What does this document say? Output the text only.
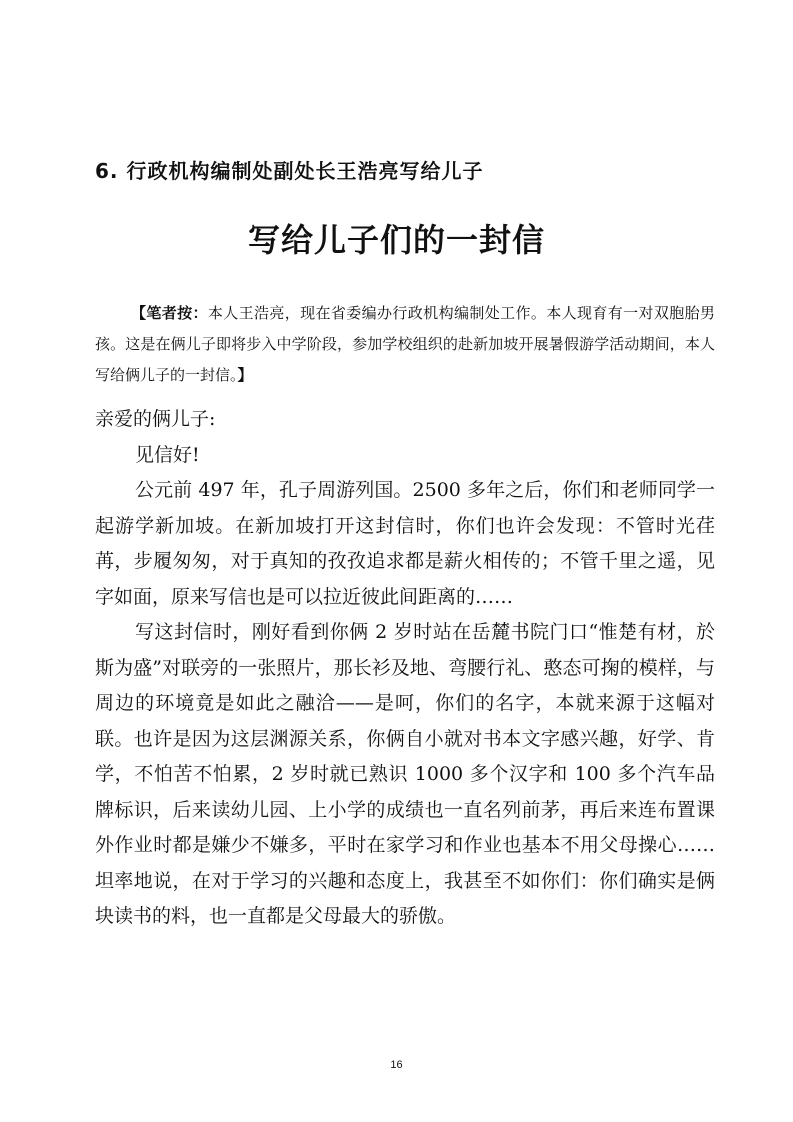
6. 行政机构编制处副处长王浩亮写给儿子
写给儿子们的一封信
【笔者按：本人王浩亮，现在省委编办行政机构编制处工作。本人现育有一对双胞胎男孩。这是在俩儿子即将步入中学阶段，参加学校组织的赴新加坡开展暑假游学活动期间，本人写给俩儿子的一封信。】

亲爱的俩儿子:

见信好!

公元前 497 年，孔子周游列国。2500 多年之后，你们和老师同学一起游学新加坡。在新加坡打开这封信时，你们也许会发现：不管时光荏苒，步履匆匆，对于真知的孜孜追求都是薪火相传的；不管千里之遥，见字如面，原来写信也是可以拉近彼此间距离的……

写这封信时，刚好看到你俩 2 岁时站在岳麓书院门口“惟楚有材，於斯为盛”对联旁的一张照片，那长衫及地、弯腰行礼、憨态可掬的模样，与周边的环境竟是如此之融洽——是呵，你们的名字，本就来源于这幅对联。也许是因为这层渊源关系，你俩自小就对书本文字感兴趣，好学、肯学，不怕苦不怕累，2 岁时就已熟识 1000 多个汉字和 100 多个汽车品牌标识，后来读幼儿园、上小学的成绩也一直名列前茅，再后来连布置课外作业时都是嫌少不嫌多，平时在家学习和作业也基本不用父母操心……坦率地说，在对于学习的兴趣和态度上，我甚至不如你们：你们确实是俩块读书的料，也一直都是父母最大的骄傲。

16
